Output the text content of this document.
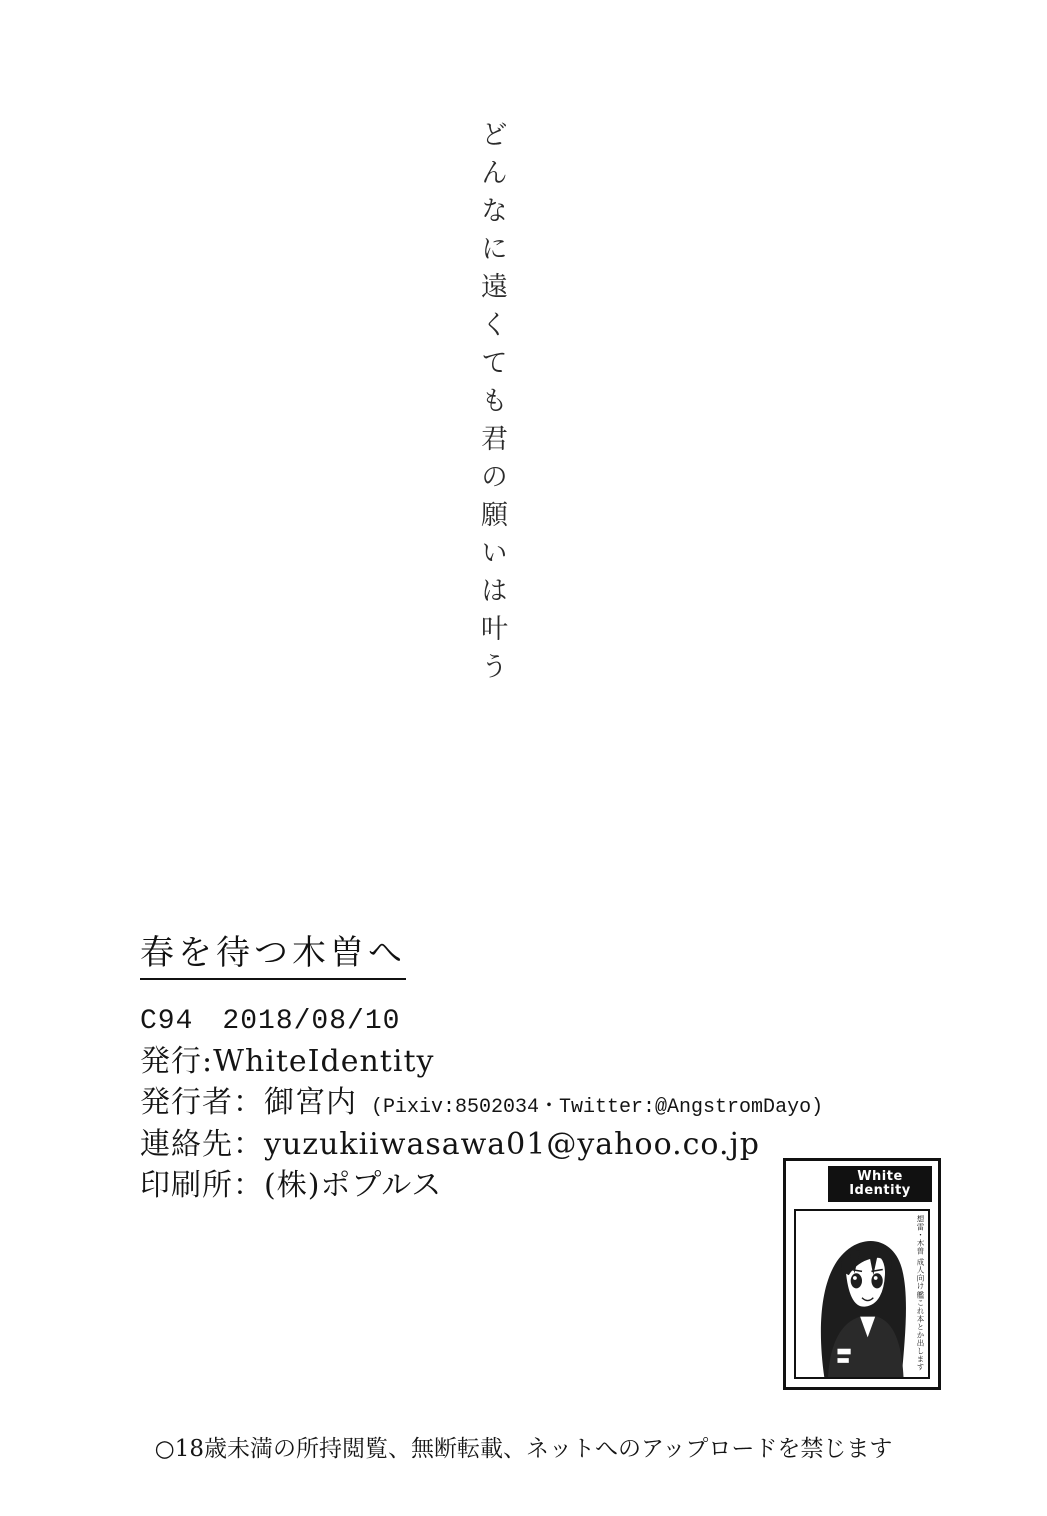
どんなに遠くても君の願いは叶う
春を待つ木曽へ
C94　2018/08/10
発行:WhiteIdentity
発行者：御宮内 (Pixiv:8502034・Twitter:@AngstromDayo)
連絡先：yuzukiiwasawa01@yahoo.co.jp
印刷所：(株)ポプルス	White
Identity
想雷・木曽 成人向け
艦これ本とか出します
○18歳未満の所持閲覧、無断転載、ネットへのアップロードを禁じます
